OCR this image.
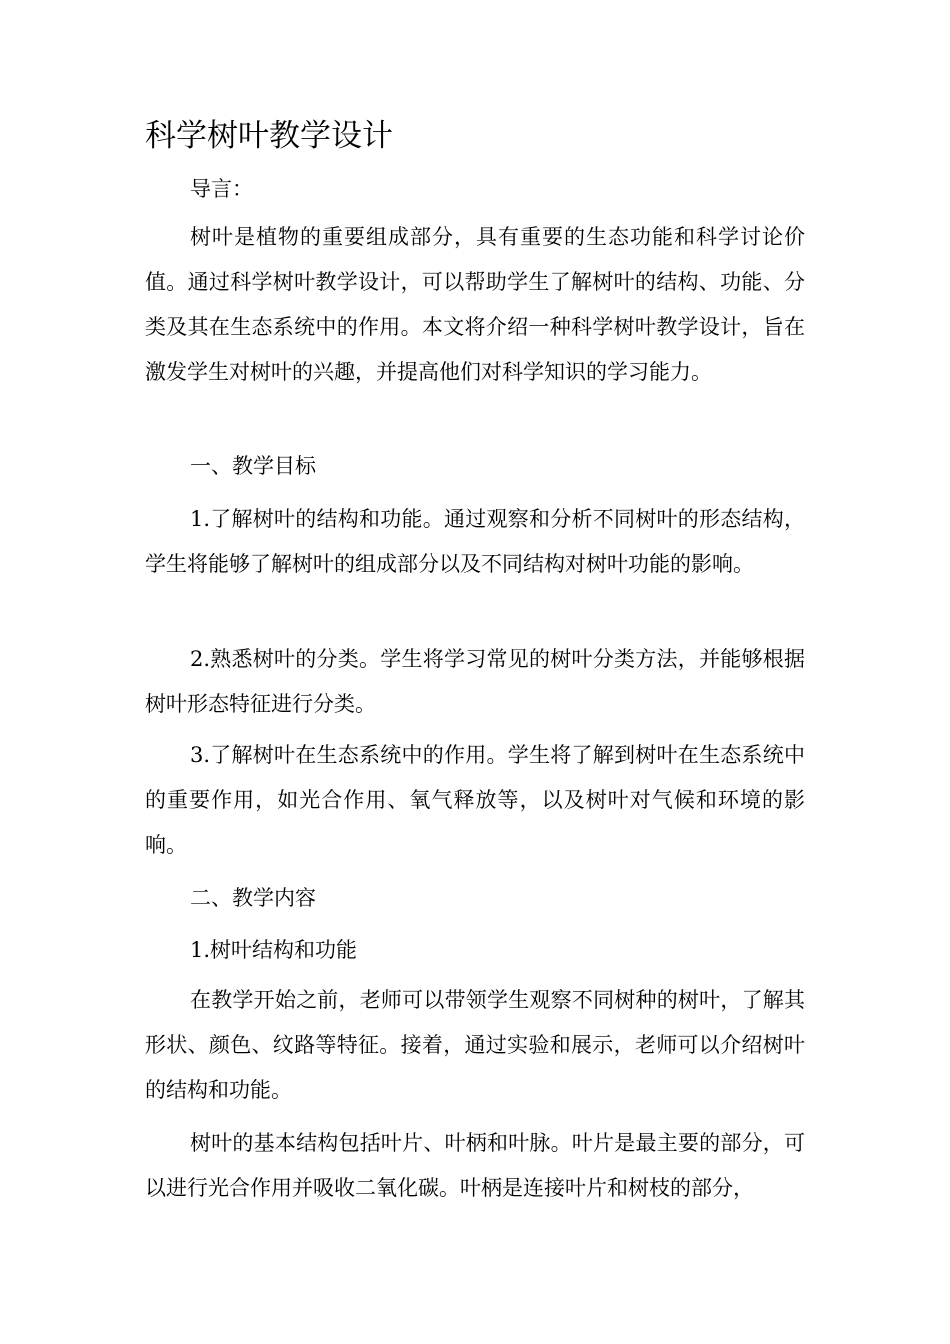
科学树叶教学设计

导言：

树叶是植物的重要组成部分，具有重要的生态功能和科学讨论价值。通过科学树叶教学设计，可以帮助学生了解树叶的结构、功能、分类及其在生态系统中的作用。本文将介绍一种科学树叶教学设计，旨在激发学生对树叶的兴趣，并提高他们对科学知识的学习能力。

一、教学目标

1.了解树叶的结构和功能。通过观察和分析不同树叶的形态结构，学生将能够了解树叶的组成部分以及不同结构对树叶功能的影响。

2.熟悉树叶的分类。学生将学习常见的树叶分类方法，并能够根据树叶形态特征进行分类。

3.了解树叶在生态系统中的作用。学生将了解到树叶在生态系统中的重要作用，如光合作用、氧气释放等，以及树叶对气候和环境的影响。

二、教学内容

1.树叶结构和功能

在教学开始之前，老师可以带领学生观察不同树种的树叶，了解其形状、颜色、纹路等特征。接着，通过实验和展示，老师可以介绍树叶的结构和功能。

树叶的基本结构包括叶片、叶柄和叶脉。叶片是最主要的部分，可以进行光合作用并吸收二氧化碳。叶柄是连接叶片和树枝的部分，
